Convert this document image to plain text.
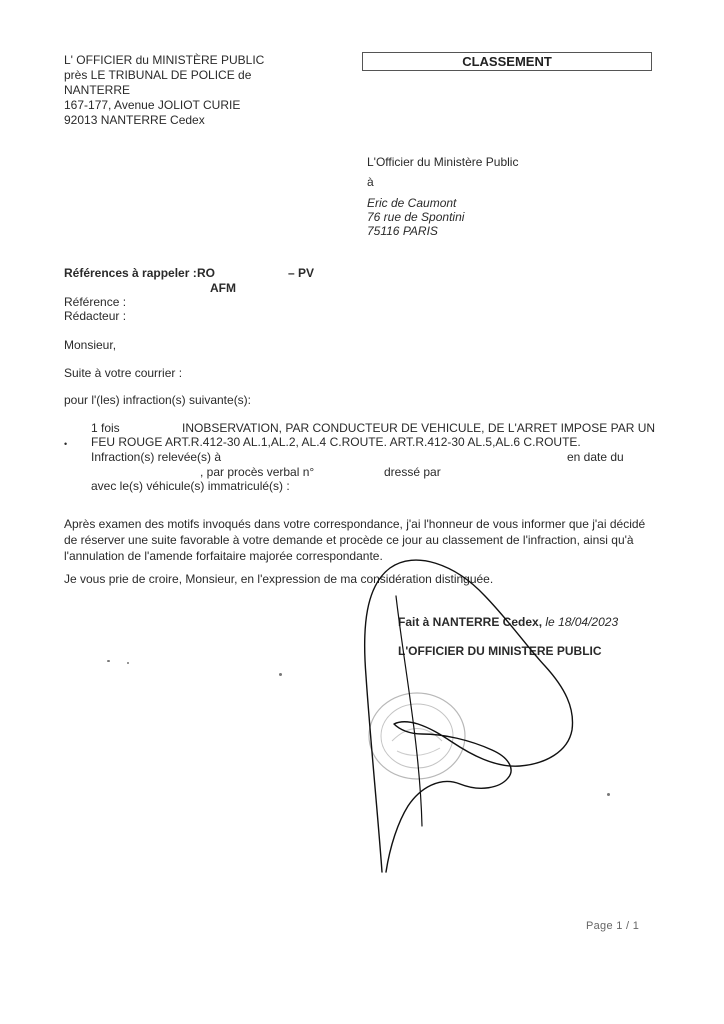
L' OFFICIER du MINISTÈRE PUBLIC
près LE TRIBUNAL DE POLICE de
NANTERRE
167-177, Avenue JOLIOT CURIE
92013 NANTERRE Cedex
CLASSEMENT
L'Officier du Ministère Public
à
Eric de Caumont
76 rue de Spontini
75116 PARIS
Références à rappeler : RO	– PV
AFM
Référence :
Rédacteur :
Monsieur,
Suite à votre courrier :
pour l'(les) infraction(s) suivante(s):
1 fois	INOBSERVATION, PAR CONDUCTEUR DE VEHICULE, DE L'ARRET IMPOSE PAR UN
• FEU ROUGE ART.R.412-30 AL.1,AL.2, AL.4 C.ROUTE. ART.R.412-30 AL.5,AL.6 C.ROUTE.
Infraction(s) relevée(s) à	en date du
, par procès verbal n°	dressé par
avec le(s) véhicule(s) immatriculé(s) :
Après examen des motifs invoqués dans votre correspondance, j'ai l'honneur de vous informer que j'ai décidé
de réserver une suite favorable à votre demande et procède ce jour au classement de l'infraction, ainsi qu'à
l'annulation de l'amende forfaitaire majorée correspondante.
Je vous prie de croire, Monsieur, en l'expression de ma considération distinguée.
Fait à NANTERRE Cedex, le 18/04/2023
L'OFFICIER DU MINISTERE PUBLIC
Page 1 / 1
